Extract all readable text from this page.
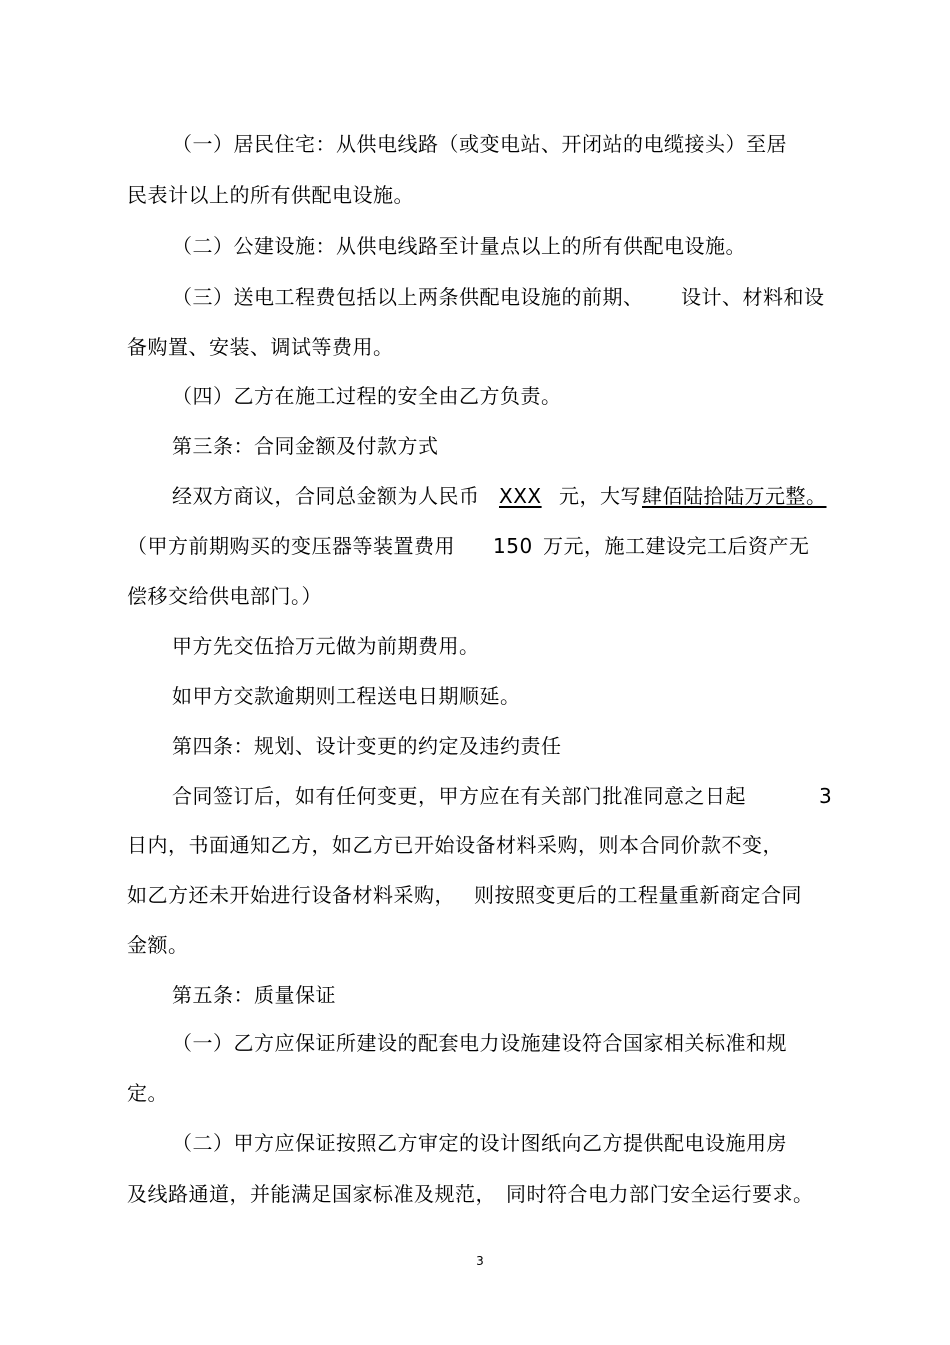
（一）居民住宅：从供电线路（或变电站、开闭站的电缆接头）至居
民表计以上的所有供配电设施。
（二）公建设施：从供电线路至计量点以上的所有供配电设施。
（三）送电工程费包括以上两条供配电设施的前期、 设计、材料和设
备购置、安装、调试等费用。
（四）乙方在施工过程的安全由乙方负责。
第三条：合同金额及付款方式
经双方商议，合同总金额为人民币 XXX 元，大写 肆佰陆拾陆万元整。
（甲方前期购买的变压器等装置费用 150 万元，施工建设完工后资产无
偿移交给供电部门。）
甲方先交伍拾万元做为前期费用。
如甲方交款逾期则工程送电日期顺延。
第四条：规划、设计变更的约定及违约责任
合同签订后，如有任何变更，甲方应在有关部门批准同意之日起	3
日内，书面通知乙方，如乙方已开始设备材料采购，则本合同价款不变，
如乙方还未开始进行设备材料采购， 则按照变更后的工程量重新商定合同
金额。
第五条：质量保证
（一）乙方应保证所建设的配套电力设施建设符合国家相关标准和规
定。
（二）甲方应保证按照乙方审定的设计图纸向乙方提供配电设施用房
及线路通道，并能满足国家标准及规范， 同时符合电力部门安全运行要求。
3
